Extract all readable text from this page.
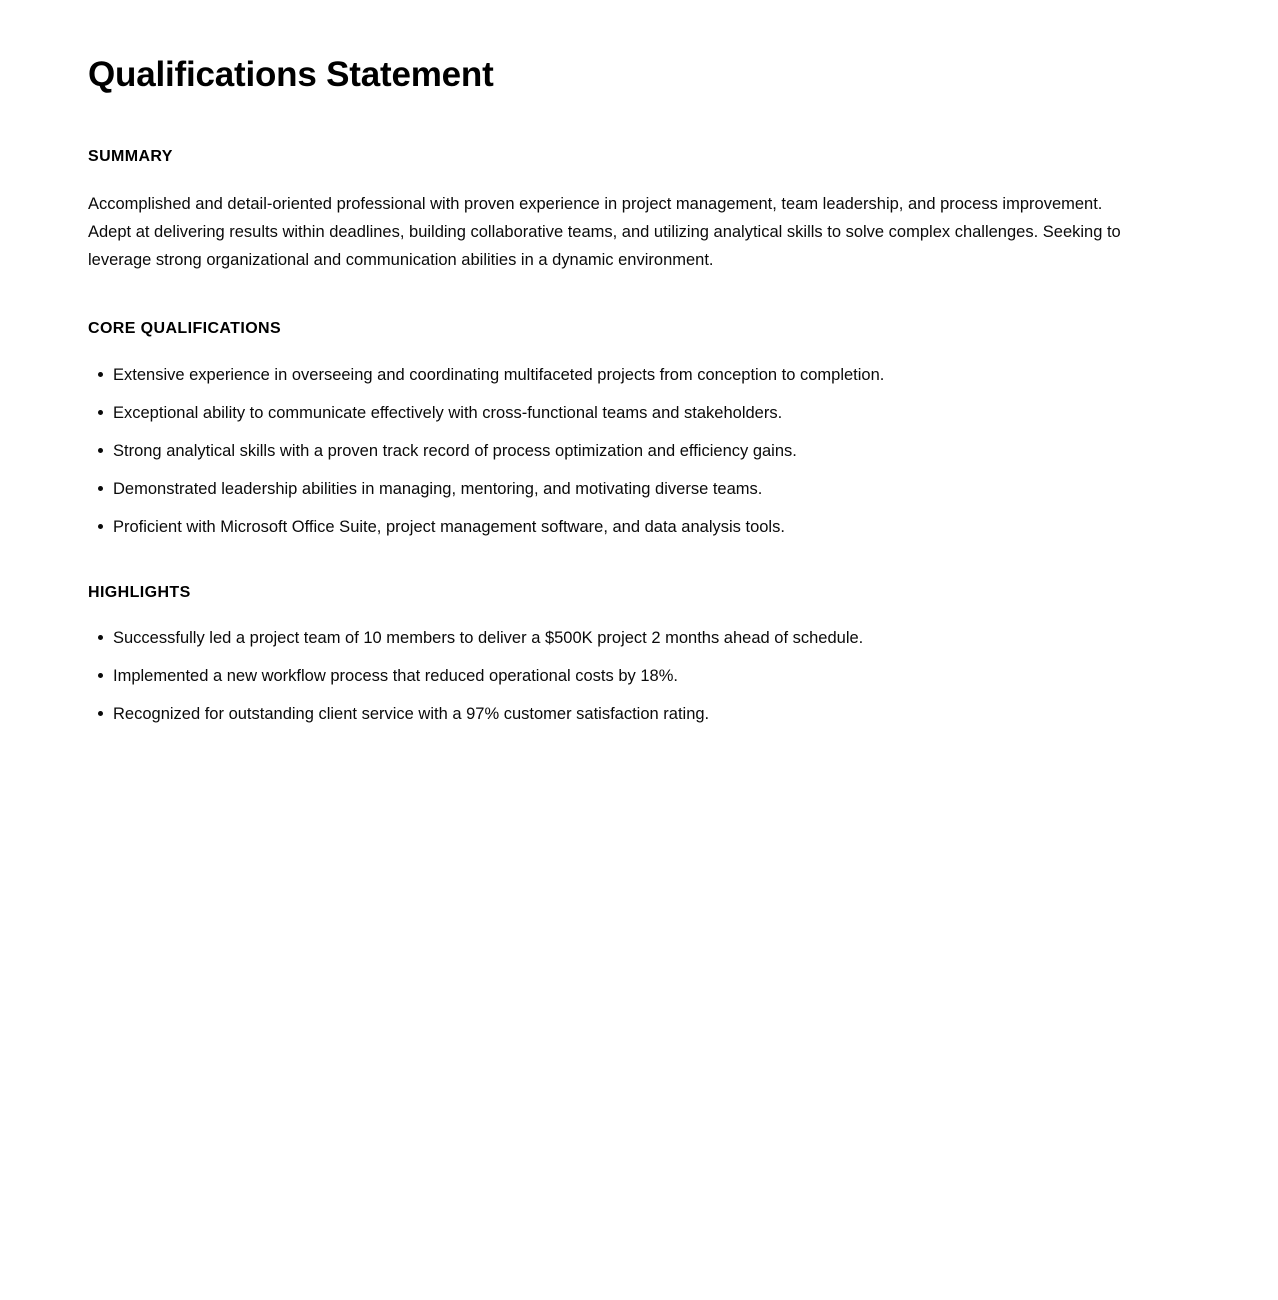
Qualifications Statement
SUMMARY

Accomplished and detail-oriented professional with proven experience in project management, team leadership, and process improvement. Adept at delivering results within deadlines, building collaborative teams, and utilizing analytical skills to solve complex challenges. Seeking to leverage strong organizational and communication abilities in a dynamic environment.

CORE QUALIFICATIONS
Extensive experience in overseeing and coordinating multifaceted projects from conception to completion.
Exceptional ability to communicate effectively with cross-functional teams and stakeholders.
Strong analytical skills with a proven track record of process optimization and efficiency gains.
Demonstrated leadership abilities in managing, mentoring, and motivating diverse teams.
Proficient with Microsoft Office Suite, project management software, and data analysis tools.
HIGHLIGHTS
Successfully led a project team of 10 members to deliver a $500K project 2 months ahead of schedule.
Implemented a new workflow process that reduced operational costs by 18%.
Recognized for outstanding client service with a 97% customer satisfaction rating.
